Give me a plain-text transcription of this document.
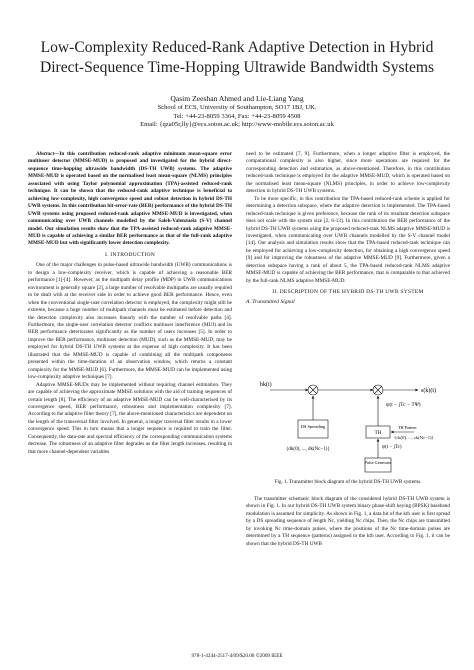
Low-Complexity Reduced-Rank Adaptive Detection in Hybrid
Direct-Sequence Time-Hopping Ultrawide Bandwidth Systems
Qasim Zeeshan Ahmed and Lie-Liang Yang
School of ECS, University of Southampton, SO17 1BJ, UK.
Tel: +44-23-8059 3364, Fax: +44-23-8059 4508
Email: {qza05r,lly}@ecs.soton.ac.uk; http://www-mobile.ecs.soton.ac.uk

Abstract—In this contribution reduced-rank adaptive minimum mean-square error multiuser detector (MMSE-MUD) is proposed and investigated for the hybrid direct-sequence time-hopping ultrawide bandwidth (DS-TH UWB) systems. The adaptive MMSE-MUD is operated based on the normalised least mean-square (NLMS) principles associated with using Taylor polynomial approximation (TPA)-assisted reduced-rank technique. It can be shown that the reduced-rank adaptive technique is beneficial to achieving low-complexity, high convergence speed and robust detection in hybrid DS-TH UWB systems. In this contribution bit-error-rate (BER) performance of the hybrid DS-TH UWB systems using proposed reduced-rank adaptive MMSE-MUD is investigated, when communicating over UWB channels modelled by the Saleh-Valenzuela (S-V) channel model. Our simulation results show that the TPA-assisted reduced-rank adaptive MMSE-MUD is capable of achieving a similar BER performance as that of the full-rank adaptive MMSE-MUD but with significantly lower detection complexity.

I. INTRODUCTION

One of the major challenges in pulse-based ultrawide bandwidth (UWB) communications is to design a low-complexity receiver, which is capable of achieving a reasonable BER performance [1]-[4]. However, as the multipath delay profile (MDP) in UWB communications environment is generally square [2], a large number of resolvable multipaths are usually required to be dealt with at the receiver side in order to achieve good BER performance. Hence, even when the conventional single-user correlation detector is employed, the complexity might still be extreme, because a huge number of multipath channels must be estimated before detection and the detection complexity also increases linearly with the number of resolvable paths [4]. Furthermore, the single-user correlation detector conflicts multiuser interference (MUI) and its BER performance deteriorates significantly as the number of users increases [5]. In order to improve the BER performance, multiuser detection (MUD), such as the MMSE-MUD, may be employed for hybrid DS-TH UWB systems at the expense of high complexity. It has been illustrated that the MMSE-MUD is capable of combining all the multipath components presented within the time-duration of an observation window, which returns a constant complexity for the MMSE-MUD [6]. Furthermore, the MMSE-MUD can be implemented using low-complexity adaptive techniques [7].

Adaptive MMSE-MUDs may be implemented without requiring channel estimation. They are capable of achieving the approximate MMSE solutions with the aid of training sequences of certain length [8]. The efficiency of an adaptive MMSE-MUD can be well-characterised by its convergence speed, BER performance, robustness and implementation complexity [7]. According to the adaptive filter theory [7], the above-mentioned characteristics are dependent on the length of the transversal filter involved. In general, a longer traversal filter results in a lower convergence speed. This in turn means that a longer sequence is required to train the filter. Consequently, the data-rate and spectral efficiency of the corresponding communication systems decrease. The robustness of an adaptive filter degrades as the filter length increases, resulting in that more channel-dependent variables

need to be estimated [7, 9]. Furthermore, when a longer adaptive filter is employed, the computational complexity is also higher, since more operations are required for the corresponding detection and estimation, as above-mentioned. Therefore, in this contribution reduced-rank technique is employed for the adaptive MMSE-MUD, which is operated based on the normalised least mean-square (NLMS) principles, in order to achieve low-complexity detection in hybrid DS-TH UWB systems.

To be more specific, in this contribution the TPA-based reduced-rank scheme is applied for determining a detection subspace, where the adaptive detection is implemented. The TPA-based reduced-rank technique is given preference, because the rank of its resultant detection subspace does not scale with the system size [2, 6-13]. In this contribution the BER performance of the hybrid DS-TH UWB systems using the proposed reduced-rank NLMS adaptive MMSE-MUD is investigated, when communicating over UWB channels modelled by the S-V channel model [14]. Our analysis and simulation results show that the TPA-based reduced-rank technique can be employed for achieving a low-complexity detection, for obtaining a high convergence speed [9] and for improving the robustness of the adaptive MMSE-MUD [9]. Furthermore, given a detection subspace having a rank of about 5, the TPA-based reduced-rank NLMS adaptive MMSE-MUD is capable of achieving the BER performance, that is comparable to that achieved by the full-rank NLMS adaptive MMSE-MUD.

II. DESCRIPTION OF THE HYBRID DS-TH UWB SYSTEM
A. Transmitted Signal
bk(i)
s(k)(t)
ψ(t − jTc − TΨ)
DS Spreading
{dk(0), ..., dk(Nc−1)}
TH
TH Pattern
{ck(0), ..., ck(Nc−1)}
ψ(t − jTc)
Pulse Generator
Fig. 1. Transmitter block diagram of the hybrid DS-TH UWB systems.

The transmitter schematic block diagram of the considered hybrid DS-TH UWB system is shown in Fig. 1. In our hybrid DS-TH UWB system binary phase-shift keying (BPSK) baseband modulation is assumed for simplicity. As shown in Fig. 1, a data bit of the kth user is first spread by a DS spreading sequence of length Nc, yielding Nc chips. Then, the Nc chips are transmitted by invoking Nc time-domain pulses, where the positions of the Nc time-domain pulses are determined by a TH sequence (patterns) assigned to the kth user. According to Fig. 1, it can be shown that the hybrid DS-TH UWB

978-1-4244-2517-4/09/$20.00 ©2009 IEEE
